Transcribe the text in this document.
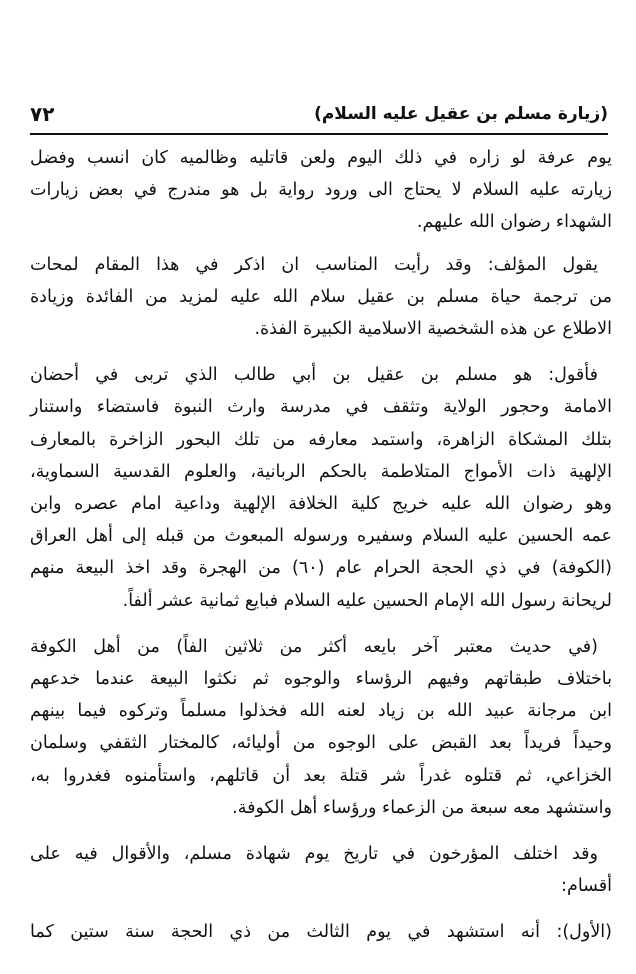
(زيارة مسلم بن عقيل عليه السلام)
٧٢

يوم عرفة لو زاره في ذلك اليوم ولعن قاتليه وظالميه كان انسب وفضل
زيارته عليه السلام لا يحتاج الى ورود رواية بل هو مندرج في بعض زيارات
الشهداء رضوان الله عليهم.

يقول المؤلف: وقد رأيت المناسب ان اذكر في هذا المقام لمحات
من ترجمة حياة مسلم بن عقيل سلام الله عليه لمزيد من الفائدة وزيادة
الاطلاع عن هذه الشخصية الاسلامية الكبيرة الفذة.

فأقول: هو مسلم بن عقيل بن أبي طالب الذي تربى في أحضان
الامامة وحجور الولاية وتثقف في مدرسة وارث النبوة فاستضاء واستنار
بتلك المشكاة الزاهرة، واستمد معارفه من تلك البحور الزاخرة بالمعارف
الإلهية ذات الأمواج المتلاطمة بالحكم الربانية، والعلوم القدسية السماوية،
وهو رضوان الله عليه خريج كلية الخلافة الإلهية وداعية امام عصره وابن
عمه الحسين عليه السلام وسفيره ورسوله المبعوث من قبله إلى أهل العراق
(الكوفة) في ذي الحجة الحرام عام (٦٠) من الهجرة وقد اخذ البيعة منهم
لريحانة رسول الله الإمام الحسين عليه السلام فبايع ثمانية عشر ألفاً.

(في حديث معتبر آخر بايعه أكثر من ثلاثين الفاً) من أهل الكوفة
باختلاف طبقاتهم وفيهم الرؤساء والوجوه ثم نكثوا البيعة عندما خدعهم
ابن مرجانة عبيد الله بن زياد لعنه الله فخذلوا مسلماً وتركوه فيما بينهم
وحيداً فريداً بعد القبض على الوجوه من أوليائه، كالمختار الثقفي وسلمان
الخزاعي، ثم قتلوه غدراً شر قتلة بعد أن قاتلهم، واستأمنوه فغدروا به،
واستشهد معه سبعة من الزعماء ورؤساء أهل الكوفة.

وقد اختلف المؤرخون في تاريخ يوم شهادة مسلم، والأقوال فيه على
أقسام:

(الأول): أنه استشهد في يوم الثالث من ذي الحجة سنة ستين كما
